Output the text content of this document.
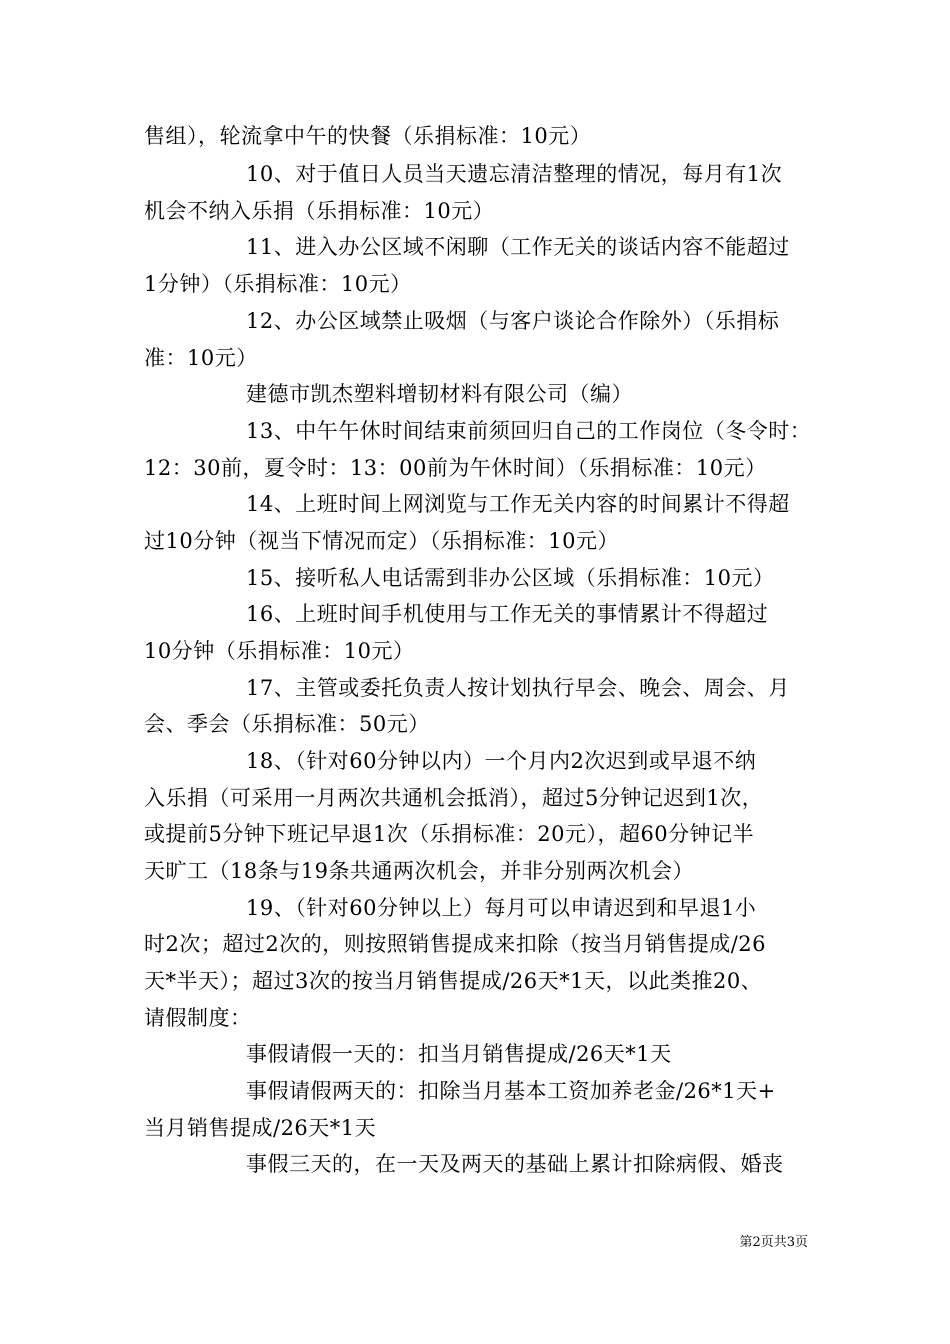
售组），轮流拿中午的快餐（乐捐标准：10元）
10、对于值日人员当天遗忘清洁整理的情况，每月有1次
机会不纳入乐捐（乐捐标准：10元）
11、进入办公区域不闲聊（工作无关的谈话内容不能超过
1分钟）（乐捐标准：10元）
12、办公区域禁止吸烟（与客户谈论合作除外）（乐捐标
准：10元）
建德市凯杰塑料增韧材料有限公司（编）
13、中午午休时间结束前须回归自己的工作岗位（冬令时：
12：30前，夏令时：13：00前为午休时间）（乐捐标准：10元）
14、上班时间上网浏览与工作无关内容的时间累计不得超
过10分钟（视当下情况而定）（乐捐标准：10元）
15、接听私人电话需到非办公区域（乐捐标准：10元）
16、上班时间手机使用与工作无关的事情累计不得超过
10分钟（乐捐标准：10元）
17、主管或委托负责人按计划执行早会、晚会、周会、月
会、季会（乐捐标准：50元）
18、（针对60分钟以内）一个月内2次迟到或早退不纳
入乐捐（可采用一月两次共通机会抵消），超过5分钟记迟到1次，
或提前5分钟下班记早退1次（乐捐标准：20元），超60分钟记半
天旷工（18条与19条共通两次机会，并非分别两次机会）
19、（针对60分钟以上）每月可以申请迟到和早退1小
时2次；超过2次的，则按照销售提成来扣除（按当月销售提成/26
天*半天）；超过3次的按当月销售提成/26天*1天，以此类推20、
请假制度：
事假请假一天的：扣当月销售提成/26天*1天
事假请假两天的：扣除当月基本工资加养老金/26*1天+
当月销售提成/26天*1天
事假三天的，在一天及两天的基础上累计扣除病假、婚丧
第2页共3页
